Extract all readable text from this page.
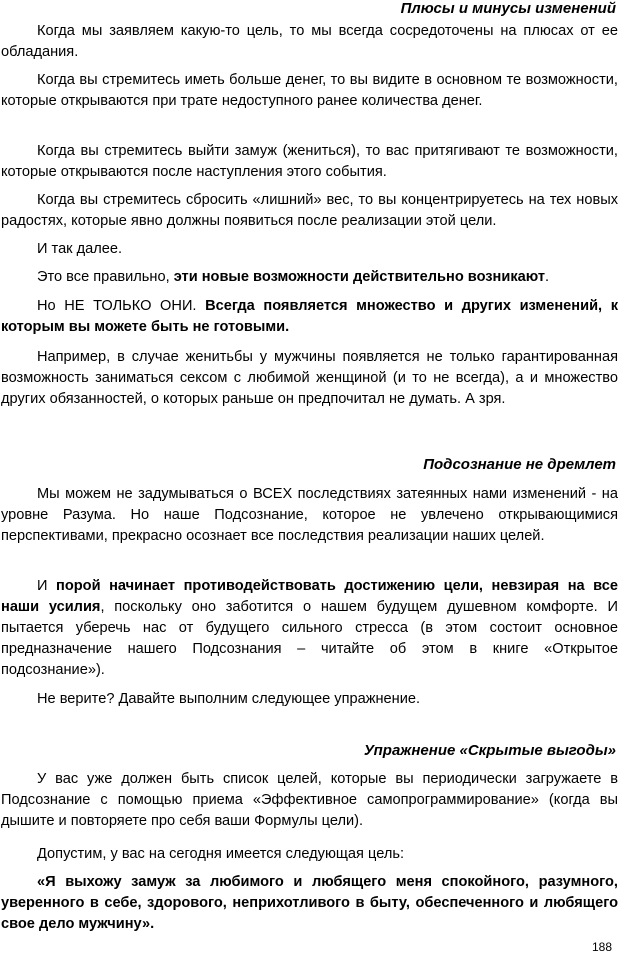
Плюсы и минусы изменений

Когда мы заявляем какую-то цель, то мы всегда сосредоточены на плюсах от ее обладания.

Когда вы стремитесь иметь больше денег, то вы видите в основном те возможности, которые открываются при трате недоступного ранее количества денег.

Когда вы стремитесь выйти замуж (жениться), то вас притягивают те возможности, которые открываются после наступления этого события.

Когда вы стремитесь сбросить «лишний» вес, то вы концентрируетесь на тех новых радостях, которые явно должны появиться после реализации этой цели.

И так далее.

Это все правильно, эти новые возможности действительно возникают.

Но НЕ ТОЛЬКО ОНИ. Всегда появляется множество и других изменений, к которым вы можете быть не готовыми.

Например, в случае женитьбы у мужчины появляется не только гарантированная возможность заниматься сексом с любимой женщиной (и то не всегда), а и множество других обязанностей, о которых раньше он предпочитал не думать. А зря.

Подсознание не дремлет

Мы можем не задумываться о ВСЕХ последствиях затеянных нами изменений - на уровне Разума. Но наше Подсознание, которое не увлечено открывающимися перспективами, прекрасно осознает все последствия реализации наших целей.

И порой начинает противодействовать достижению цели, невзирая на все наши усилия, поскольку оно заботится о нашем будущем душевном комфорте. И пытается уберечь нас от будущего сильного стресса (в этом состоит основное предназначение нашего Подсознания – читайте об этом в книге «Открытое подсознание»).

Не верите? Давайте выполним следующее упражнение.

Упражнение «Скрытые выгоды»

У вас уже должен быть список целей, которые вы периодически загружаете в Подсознание с помощью приема «Эффективное самопрограммирование» (когда вы дышите и повторяете про себя ваши Формулы цели).

Допустим, у вас на сегодня имеется следующая цель:

«Я выхожу замуж за любимого и любящего меня спокойного, разумного, уверенного в себе, здорового, неприхотливого в быту, обеспеченного и любящего свое дело мужчину».

188
